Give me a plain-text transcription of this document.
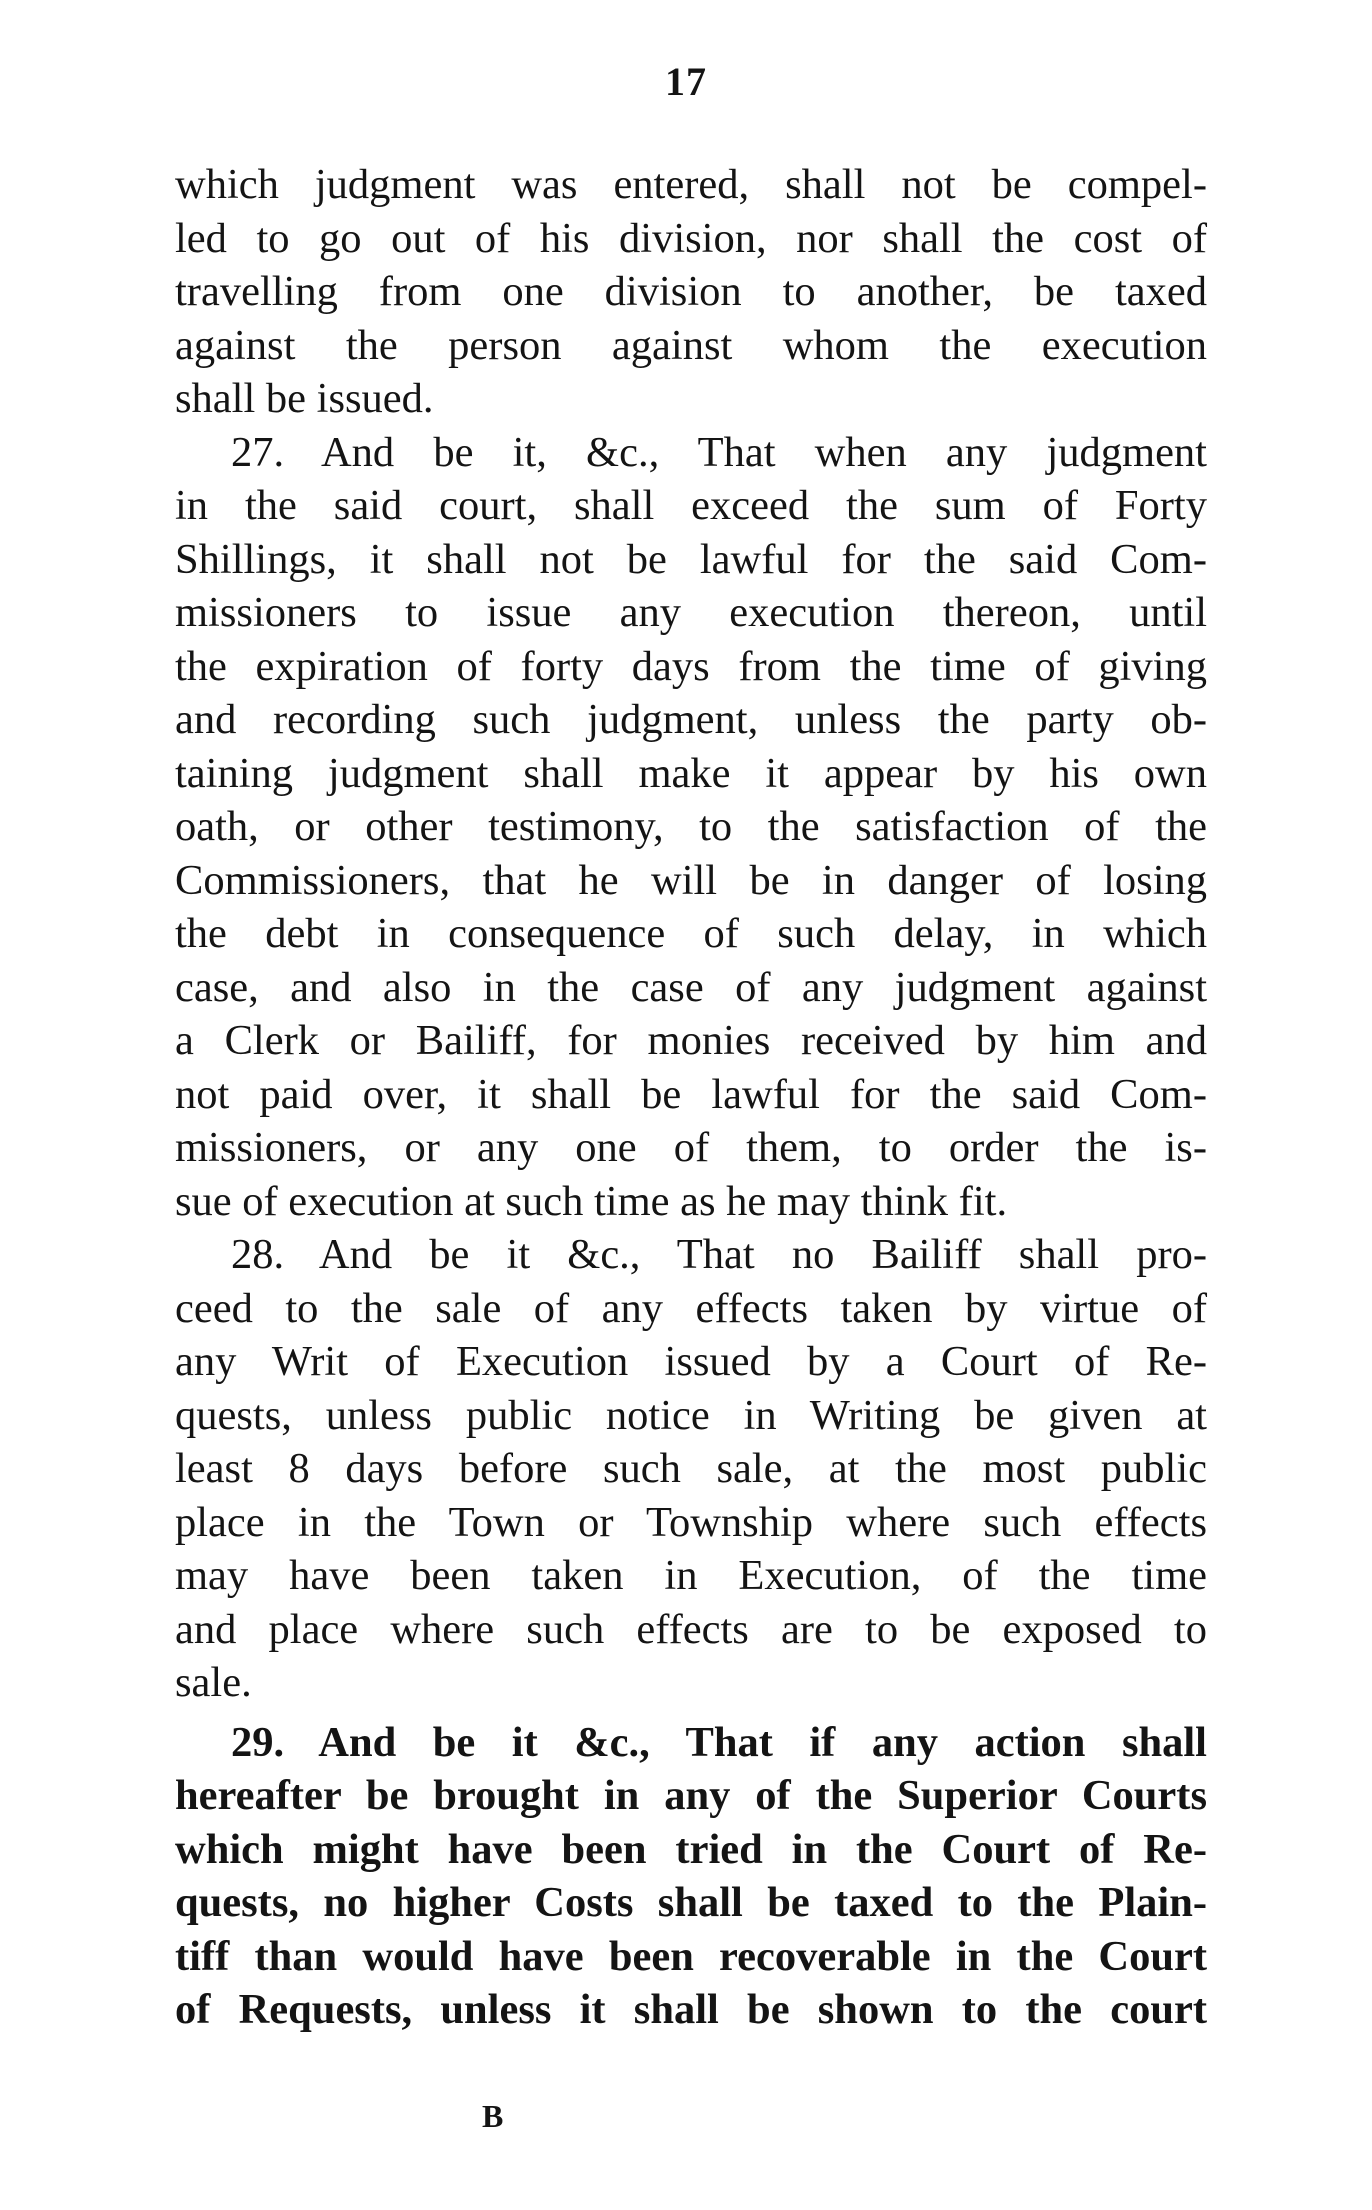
17
which judgment was entered, shall not be compel-
led to go out of his division, nor shall the cost of
travelling from one division to another, be taxed
against the person against whom the execution
shall be issued.
27. And be it, &c., That when any judgment
in the said court, shall exceed the sum of Forty
Shillings, it shall not be lawful for the said Com-
missioners to issue any execution thereon, until
the expiration of forty days from the time of giving
and recording such judgment, unless the party ob-
taining judgment shall make it appear by his own
oath, or other testimony, to the satisfaction of the
Commissioners, that he will be in danger of losing
the debt in consequence of such delay, in which
case, and also in the case of any judgment against
a Clerk or Bailiff, for monies received by him and
not paid over, it shall be lawful for the said Com-
missioners, or any one of them, to order the is-
sue of execution at such time as he may think fit.
28. And be it &c., That no Bailiff shall pro-
ceed to the sale of any effects taken by virtue of
any Writ of Execution issued by a Court of Re-
quests, unless public notice in Writing be given at
least 8 days before such sale, at the most public
place in the Town or Township where such effects
may have been taken in Execution, of the time
and place where such effects are to be exposed to
sale.
29. And be it &c., That if any action shall
hereafter be brought in any of the Superior Courts
which might have been tried in the Court of Re-
quests, no higher Costs shall be taxed to the Plain-
tiff than would have been recoverable in the Court
of Requests, unless it shall be shown to the court
B
